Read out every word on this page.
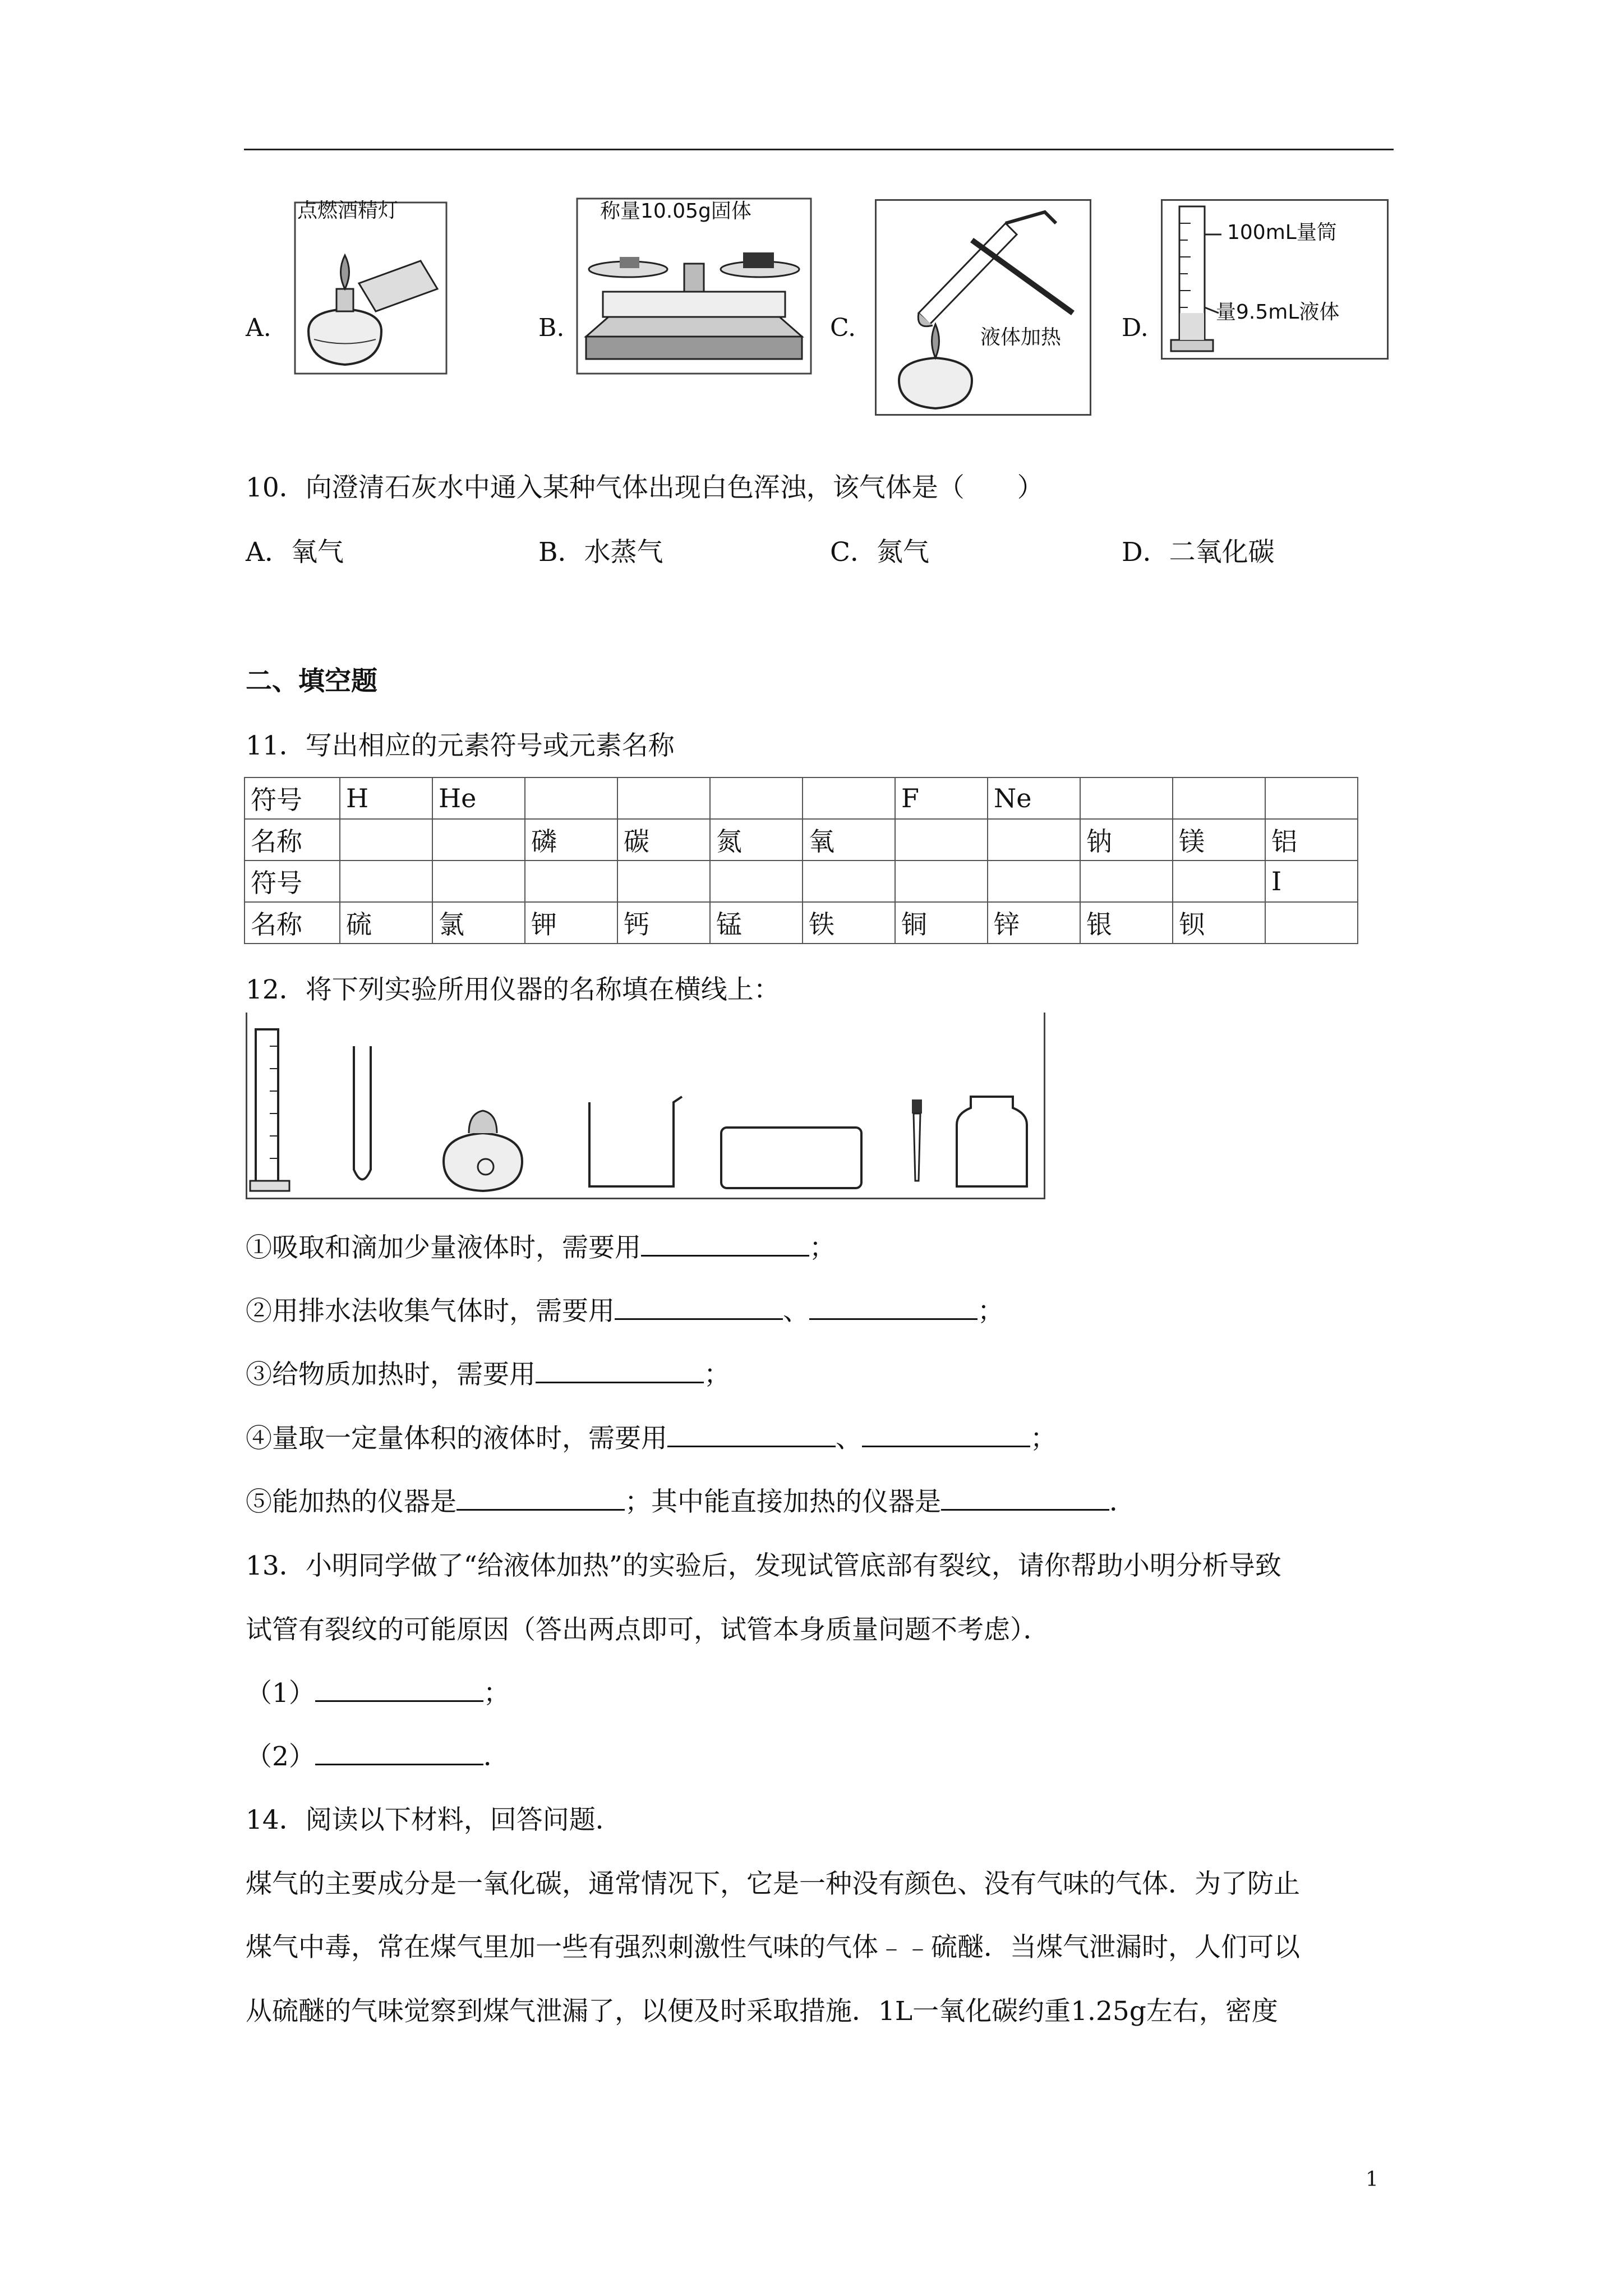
A.
点燃酒精灯
B.
称量10.05g固体
C.	液体加热 D.
100mL量筒
量9.5mL液体
10．向澄清石灰水中通入某种气体出现白色浑浊，该气体是（　　）
A．氧气	B．水蒸气	C．氮气	D．二氧化碳
二、填空题
11．写出相应的元素符号或元素名称
符号	H	He					F	Ne			
名称			磷	碳	氮	氧			钠	镁	铝
符号											I
名称	硫	氯	钾	钙	锰	铁	铜	锌	银	钡	
12．将下列实验所用仪器的名称填在横线上：
①吸取和滴加少量液体时，需要用	；
②用排水法收集气体时，需要用	、	；
③给物质加热时，需要用	；
④量取一定量体积的液体时，需要用	、	；
⑤能加热的仪器是	；其中能直接加热的仪器是	．
13．小明同学做了“给液体加热”的实验后，发现试管底部有裂纹，请你帮助小明分析导致
试管有裂纹的可能原因（答出两点即可，试管本身质量问题不考虑）．
（1）	；
（2）	．
14．阅读以下材料，回答问题．
煤气的主要成分是一氧化碳，通常情况下，它是一种没有颜色、没有气味的气体．为了防止
煤气中毒，常在煤气里加一些有强烈刺激性气味的气体﹣﹣硫醚．当煤气泄漏时，人们可以
从硫醚的气味觉察到煤气泄漏了，以便及时采取措施．1L一氧化碳约重1.25g左右，密度
1
